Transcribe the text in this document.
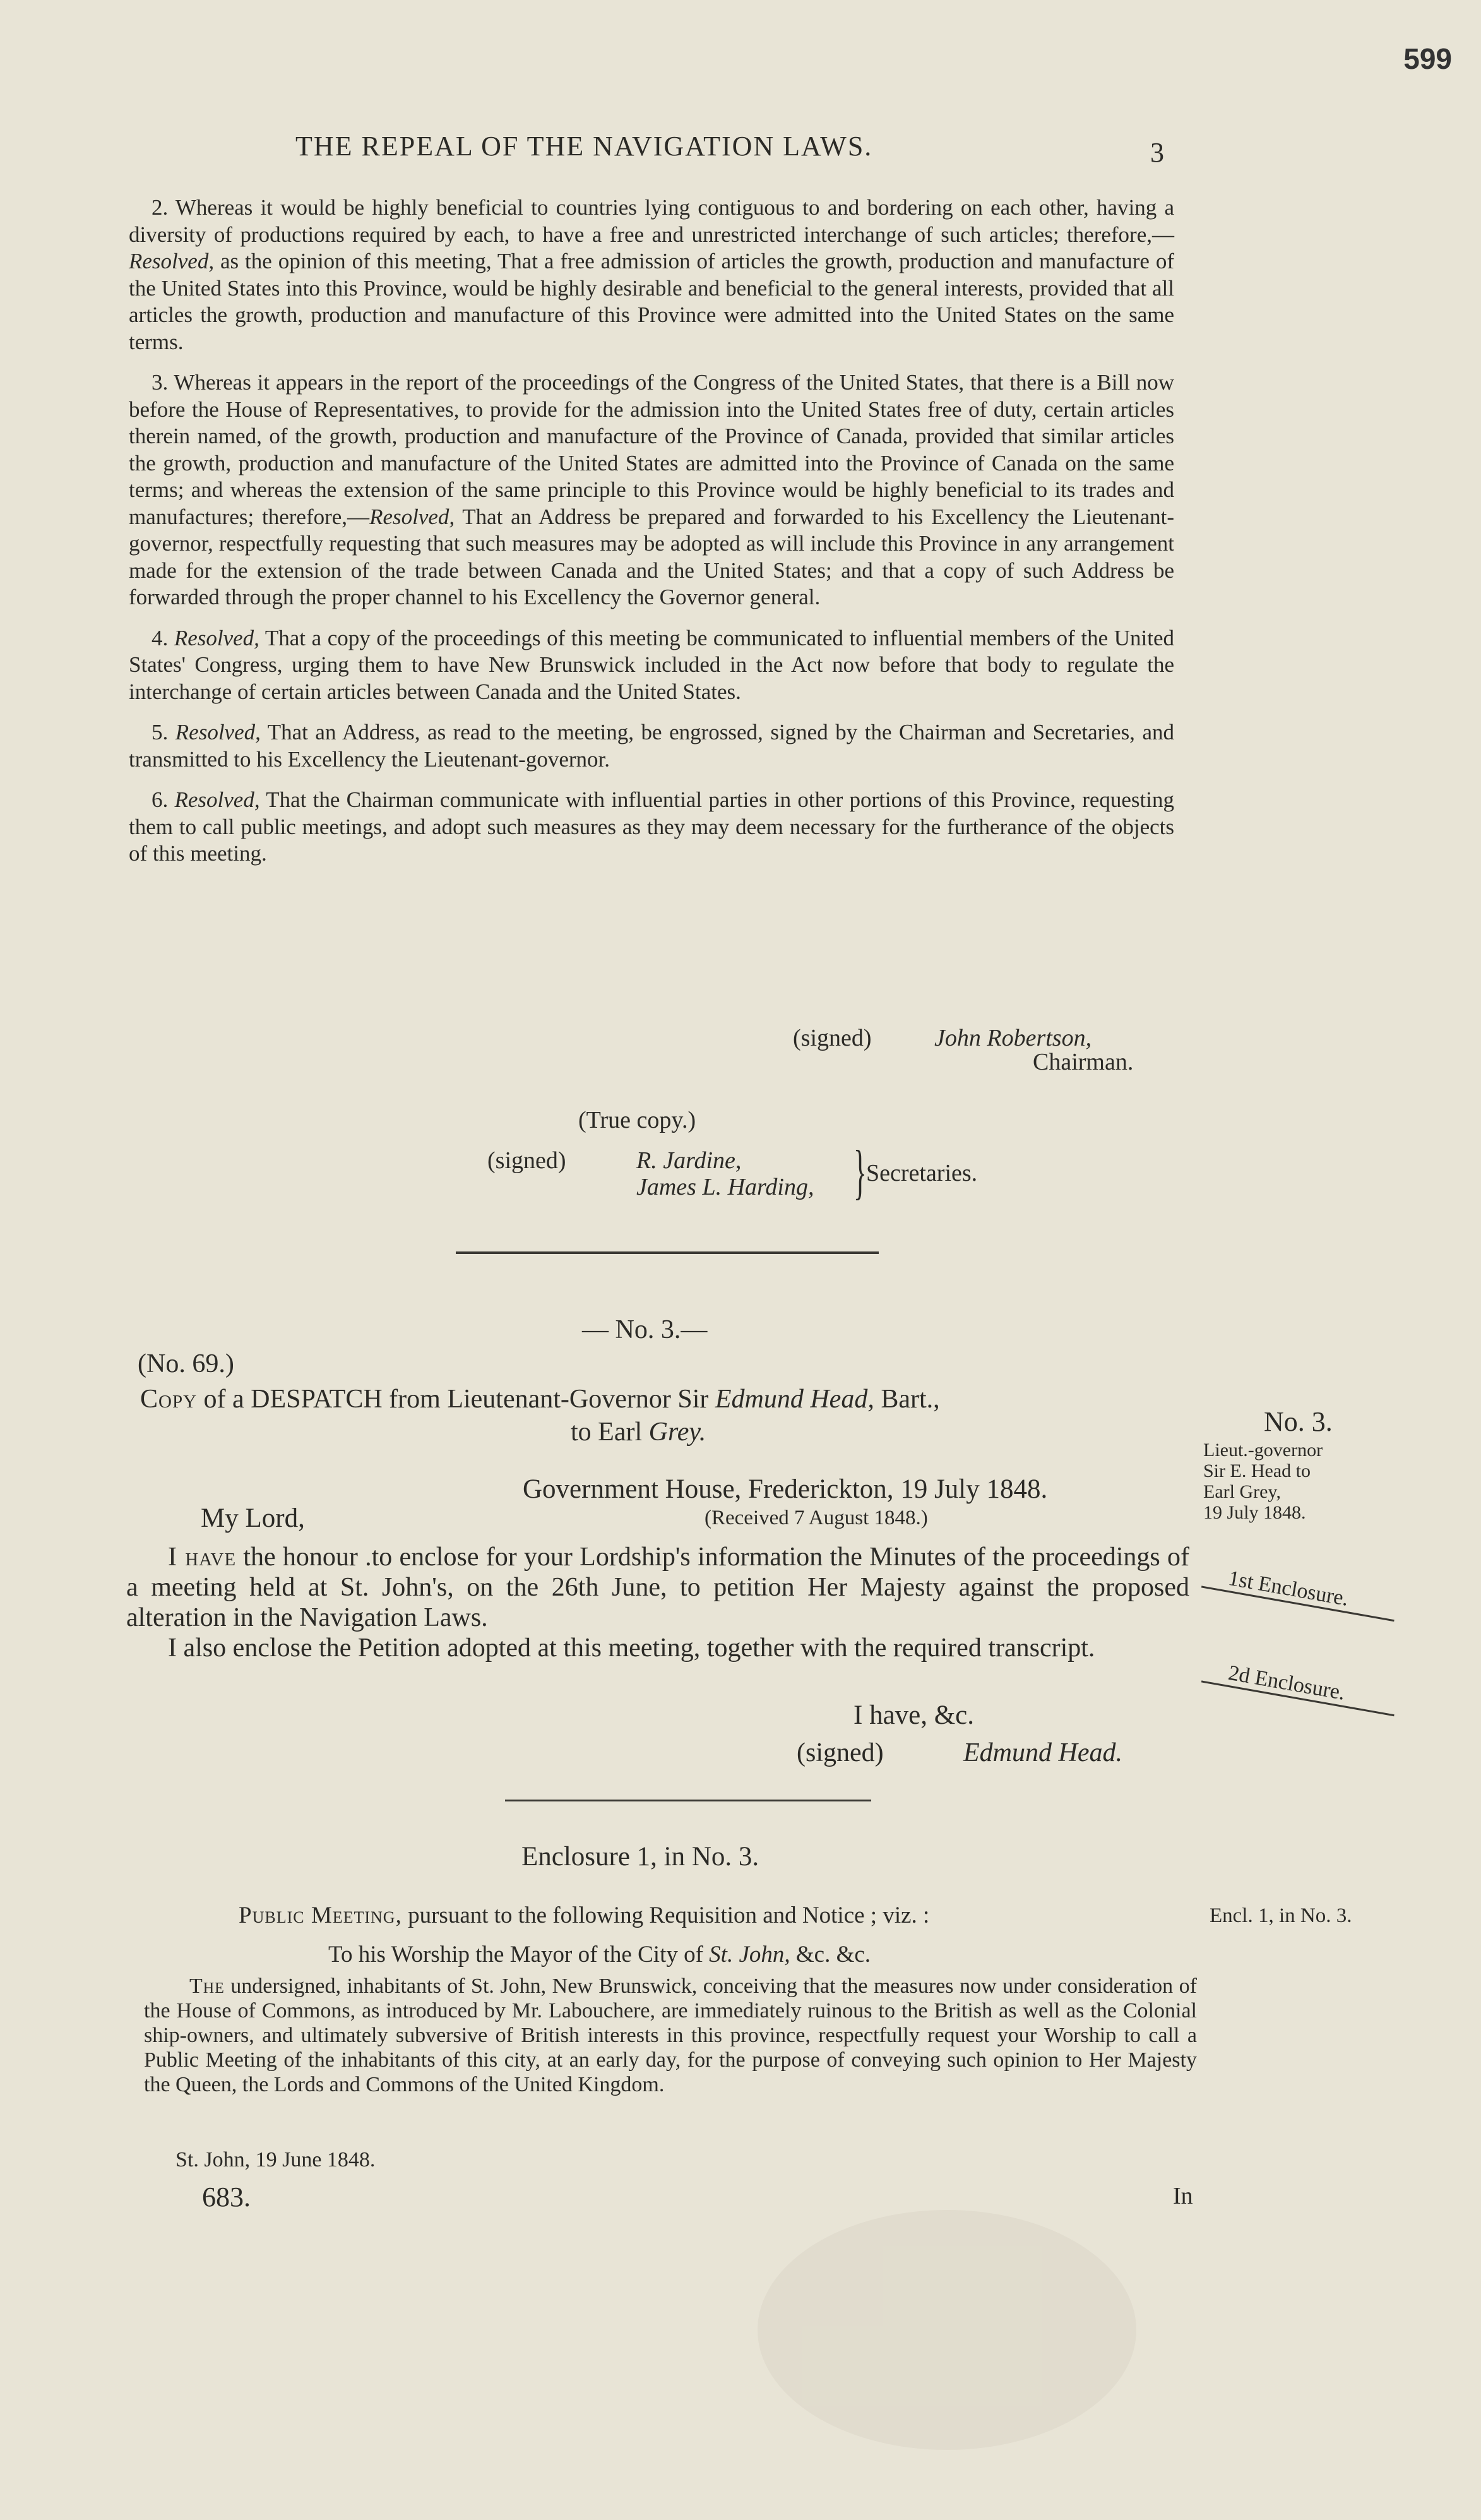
599
THE REPEAL OF THE NAVIGATION LAWS.	3

2. Whereas it would be highly beneficial to countries lying contiguous to and bordering on each other, having a diversity of productions required by each, to have a free and unrestricted interchange of such articles; therefore,—Resolved, as the opinion of this meeting, That a free admission of articles the growth, production and manufacture of the United States into this Province, would be highly desirable and beneficial to the general interests, provided that all articles the growth, production and manufacture of this Province were admitted into the United States on the same terms.

3. Whereas it appears in the report of the proceedings of the Congress of the United States, that there is a Bill now before the House of Representatives, to provide for the admission into the United States free of duty, certain articles therein named, of the growth, production and manufacture of the Province of Canada, provided that similar articles the growth, production and manufacture of the United States are admitted into the Province of Canada on the same terms; and whereas the extension of the same principle to this Province would be highly beneficial to its trades and manufactures; therefore,—Resolved, That an Address be prepared and forwarded to his Excellency the Lieutenant-governor, respectfully requesting that such measures may be adopted as will include this Province in any arrangement made for the extension of the trade between Canada and the United States; and that a copy of such Address be forwarded through the proper channel to his Excellency the Governor general.

4. Resolved, That a copy of the proceedings of this meeting be communicated to influential members of the United States' Congress, urging them to have New Brunswick included in the Act now before that body to regulate the interchange of certain articles between Canada and the United States.

5. Resolved, That an Address, as read to the meeting, be engrossed, signed by the Chairman and Secretaries, and transmitted to his Excellency the Lieutenant-governor.

6. Resolved, That the Chairman communicate with influential parties in other portions of this Province, requesting them to call public meetings, and adopt such measures as they may deem necessary for the furtherance of the objects of this meeting.

(signed)	John Robertson,
Chairman.
(True copy.)
(signed)	R. Jardine,
James L. Harding, } Secretaries.
— No. 3.—
(No. 69.)
Copy of a DESPATCH from Lieutenant-Governor Sir Edmund Head, Bart.,
to Earl Grey.
Government House, Frederickton, 19 July 1848.
My Lord,	(Received 7 August 1848.)

I have the honour .to enclose for your Lordship's information the Minutes of the proceedings of a meeting held at St. John's, on the 26th June, to petition Her Majesty against the proposed alteration in the Navigation Laws.

I also enclose the Petition adopted at this meeting, together with the required transcript.

I have, &c.
(signed)	Edmund Head.
No. 3.
Lieut.-governor
Sir E. Head to
Earl Grey,
19 July 1848.
1st Enclosure.
2d Enclosure.
Enclosure 1, in No. 3.
Public Meeting, pursuant to the following Requisition and Notice ; viz. :	Encl. 1, in No. 3.
To his Worship the Mayor of the City of St. John, &c. &c.

The undersigned, inhabitants of St. John, New Brunswick, conceiving that the measures now under consideration of the House of Commons, as introduced by Mr. Labouchere, are immediately ruinous to the British as well as the Colonial ship-owners, and ultimately subversive of British interests in this province, respectfully request your Worship to call a Public Meeting of the inhabitants of this city, at an early day, for the purpose of conveying such opinion to Her Majesty the Queen, the Lords and Commons of the United Kingdom.

St. John, 19 June 1848.
683.	In
